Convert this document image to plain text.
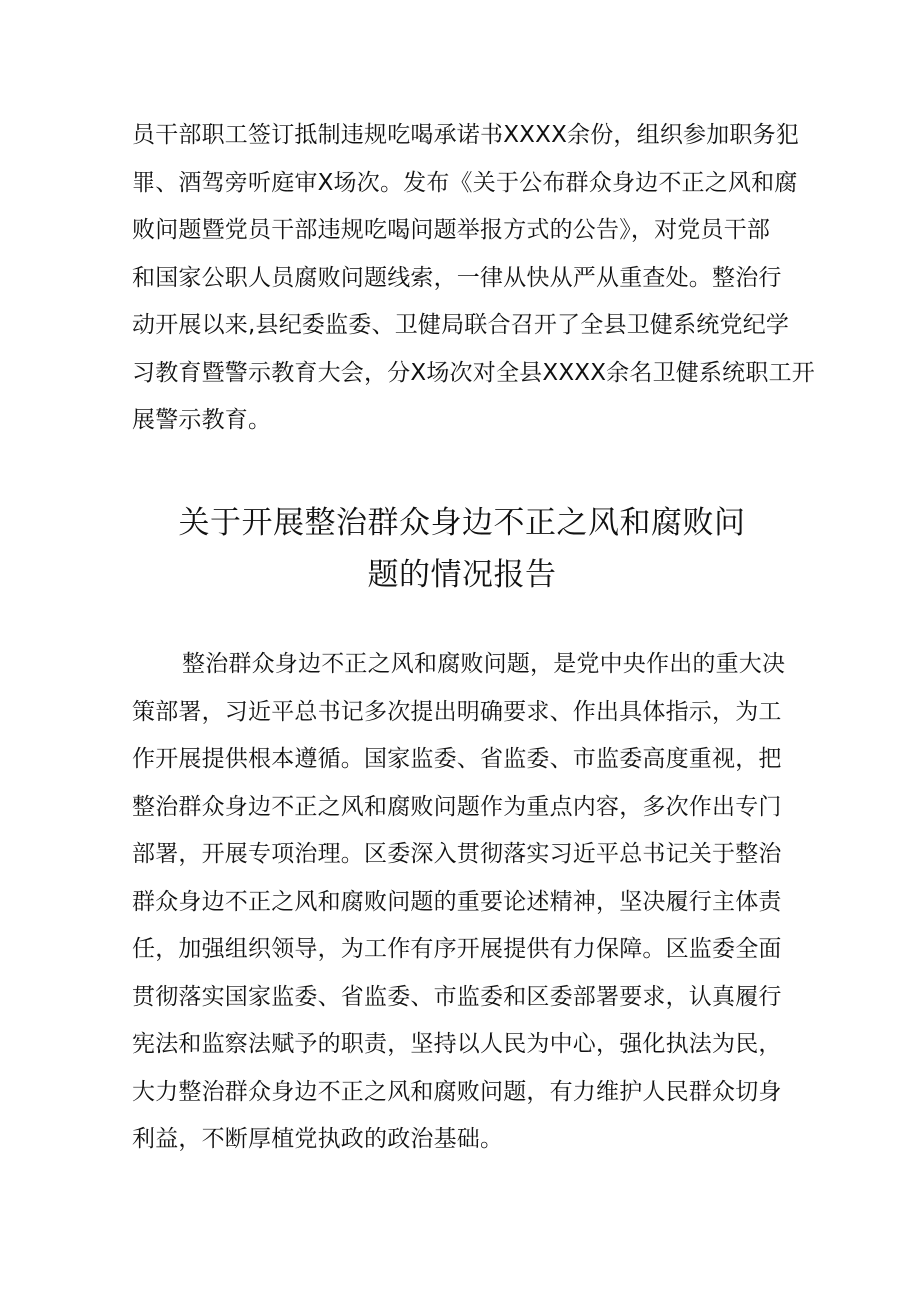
员干部职工签订抵制违规吃喝承诺书XXXX余份，组织参加职务犯
罪、酒驾旁听庭审X场次。发布《关于公布群众身边不正之风和腐
败问题暨党员干部违规吃喝问题举报方式的公告》，对党员干部
和国家公职人员腐败问题线索，一律从快从严从重查处。整治行
动开展以来,县纪委监委、卫健局联合召开了全县卫健系统党纪学
习教育暨警示教育大会，分X场次对全县XXXX余名卫健系统职工开
展警示教育。
关于开展整治群众身边不正之风和腐败问
题的情况报告
整治群众身边不正之风和腐败问题，是党中央作出的重大决
策部署，习近平总书记多次提出明确要求、作出具体指示，为工
作开展提供根本遵循。国家监委、省监委、市监委高度重视，把
整治群众身边不正之风和腐败问题作为重点内容，多次作出专门
部署，开展专项治理。区委深入贯彻落实习近平总书记关于整治
群众身边不正之风和腐败问题的重要论述精神，坚决履行主体责
任，加强组织领导，为工作有序开展提供有力保障。区监委全面
贯彻落实国家监委、省监委、市监委和区委部署要求，认真履行
宪法和监察法赋予的职责，坚持以人民为中心，强化执法为民，
大力整治群众身边不正之风和腐败问题，有力维护人民群众切身
利益，不断厚植党执政的政治基础。
